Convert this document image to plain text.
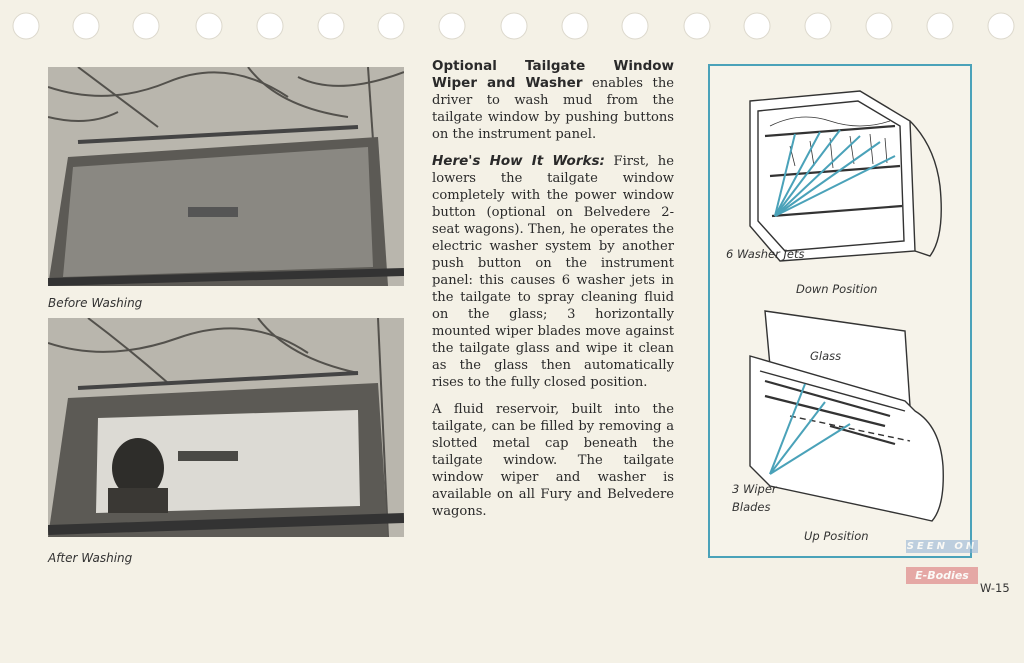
Before Washing
After Washing

Optional Tailgate Window Wiper and Washer enables the driver to wash mud from the tailgate window by pushing buttons on the instrument panel.

Here's How It Works: First, he lowers the tailgate window completely with the power window button (optional on Belvedere 2-seat wagons). Then, he operates the electric washer system by another push button on the instrument panel: this causes 6 washer jets in the tailgate to spray cleaning fluid on the glass; 3 horizontally mounted wiper blades move against the tailgate glass and wipe it clean as the glass then automatically rises to the fully closed position.

A fluid reservoir, built into the tailgate, can be filled by removing a slotted metal cap beneath the tailgate window. The tailgate window wiper and washer is available on all Fury and Belvedere wagons.

6 Washer Jets
Down Position
Glass
3 Wiper
Blades
Up Position
SEEN ON
E-Bodies
W-15
